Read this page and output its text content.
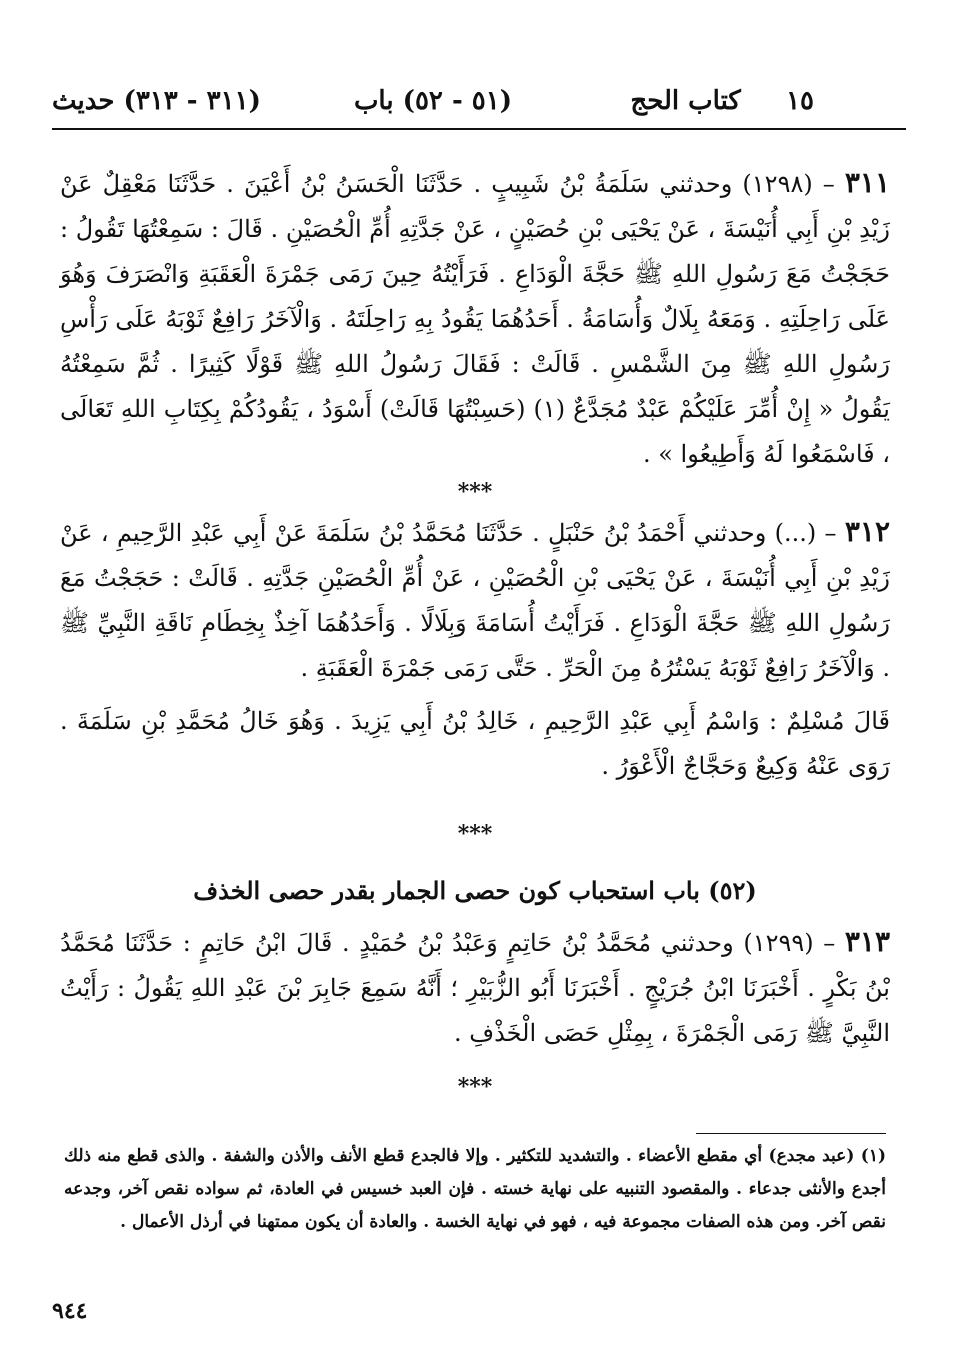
١٥     كتاب الحج
(٥١ - ٥٢) باب
(٣١١ - ٣١٣) حديث

٣١١ – (١٢٩٨) وحدثني سَلَمَةُ بْنُ شَبِيبٍ . حَدَّثَنَا الْحَسَنُ بْنُ أَعْيَنَ . حَدَّثَنَا مَعْقِلٌ عَنْ زَيْدِ بْنِ أَبِي أُنَيْسَةَ ، عَنْ يَحْيَى بْنِ حُصَيْنٍ ، عَنْ جَدَّتِهِ أُمِّ الْحُصَيْنِ . قَالَ : سَمِعْتُهَا تَقُولُ : حَجَجْتُ مَعَ رَسُولِ اللهِ ﷺ حَجَّةَ الْوَدَاعِ . فَرَأَيْتُهُ حِينَ رَمَى جَمْرَةَ الْعَقَبَةِ وَانْصَرَفَ وَهُوَ عَلَى رَاحِلَتِهِ . وَمَعَهُ بِلَالٌ وَأُسَامَةُ . أَحَدُهُمَا يَقُودُ بِهِ رَاحِلَتَهُ . وَالْآخَرُ رَافِعٌ ثَوْبَهُ عَلَى رَأْسِ رَسُولِ اللهِ ﷺ مِنَ الشَّمْسِ . قَالَتْ : فَقَالَ رَسُولُ اللهِ ﷺ قَوْلًا كَثِيرًا . ثُمَّ سَمِعْتُهُ يَقُولُ « إِنْ أُمِّرَ عَلَيْكُمْ عَبْدٌ مُجَدَّعٌ (١) (حَسِبْتُهَا قَالَتْ) أَسْوَدُ ، يَقُودُكُمْ بِكِتَابِ اللهِ تَعَالَى ، فَاسْمَعُوا لَهُ وَأَطِيعُوا » .

***

٣١٢ – (...) وحدثني أَحْمَدُ بْنُ حَنْبَلٍ . حَدَّثَنَا مُحَمَّدُ بْنُ سَلَمَةَ عَنْ أَبِي عَبْدِ الرَّحِيمِ ، عَنْ زَيْدِ بْنِ أَبِي أُنَيْسَةَ ، عَنْ يَحْيَى بْنِ الْحُصَيْنِ ، عَنْ أُمِّ الْحُصَيْنِ جَدَّتِهِ . قَالَتْ : حَجَجْتُ مَعَ رَسُولِ اللهِ ﷺ حَجَّةَ الْوَدَاعِ . فَرَأَيْتُ أُسَامَةَ وَبِلَالًا . وَأَحَدُهُمَا آخِذٌ بِخِطَامِ نَاقَةِ النَّبِيِّ ﷺ . وَالْآخَرُ رَافِعٌ ثَوْبَهُ يَسْتُرُهُ مِنَ الْحَرِّ . حَتَّى رَمَى جَمْرَةَ الْعَقَبَةِ .

قَالَ مُسْلِمٌ : وَاسْمُ أَبِي عَبْدِ الرَّحِيمِ ، خَالِدُ بْنُ أَبِي يَزِيدَ . وَهُوَ خَالُ مُحَمَّدِ بْنِ سَلَمَةَ . رَوَى عَنْهُ وَكِيعٌ وَحَجَّاجٌ الْأَعْوَرُ .

***
(٥٢) باب استحباب كون حصى الجمار بقدر حصى الخذف

٣١٣ – (١٢٩٩) وحدثني مُحَمَّدُ بْنُ حَاتِمٍ وَعَبْدُ بْنُ حُمَيْدٍ . قَالَ ابْنُ حَاتِمٍ : حَدَّثَنَا مُحَمَّدُ بْنُ بَكْرٍ . أَخْبَرَنَا ابْنُ جُرَيْجٍ . أَخْبَرَنَا أَبُو الزُّبَيْرِ ؛ أَنَّهُ سَمِعَ جَابِرَ بْنَ عَبْدِ اللهِ يَقُولُ : رَأَيْتُ النَّبِيَّ ﷺ رَمَى الْجَمْرَةَ ، بِمِثْلِ حَصَى الْخَذْفِ .

***
(١) (عبد مجدع) أي مقطع الأعضاء . والتشديد للتكثير . وإلا فالجدع قطع الأنف والأذن والشفة . والذى قطع منه ذلك أجدع والأنثى جدعاء . والمقصود التنبيه على نهاية خسته . فإن العبد خسيس في العادة، ثم سواده نقص آخر، وجدعه نقص آخر. ومن هذه الصفات مجموعة فيه ، فهو في نهاية الخسة . والعادة أن يكون ممتهنا في أرذل الأعمال .
٩٤٤
